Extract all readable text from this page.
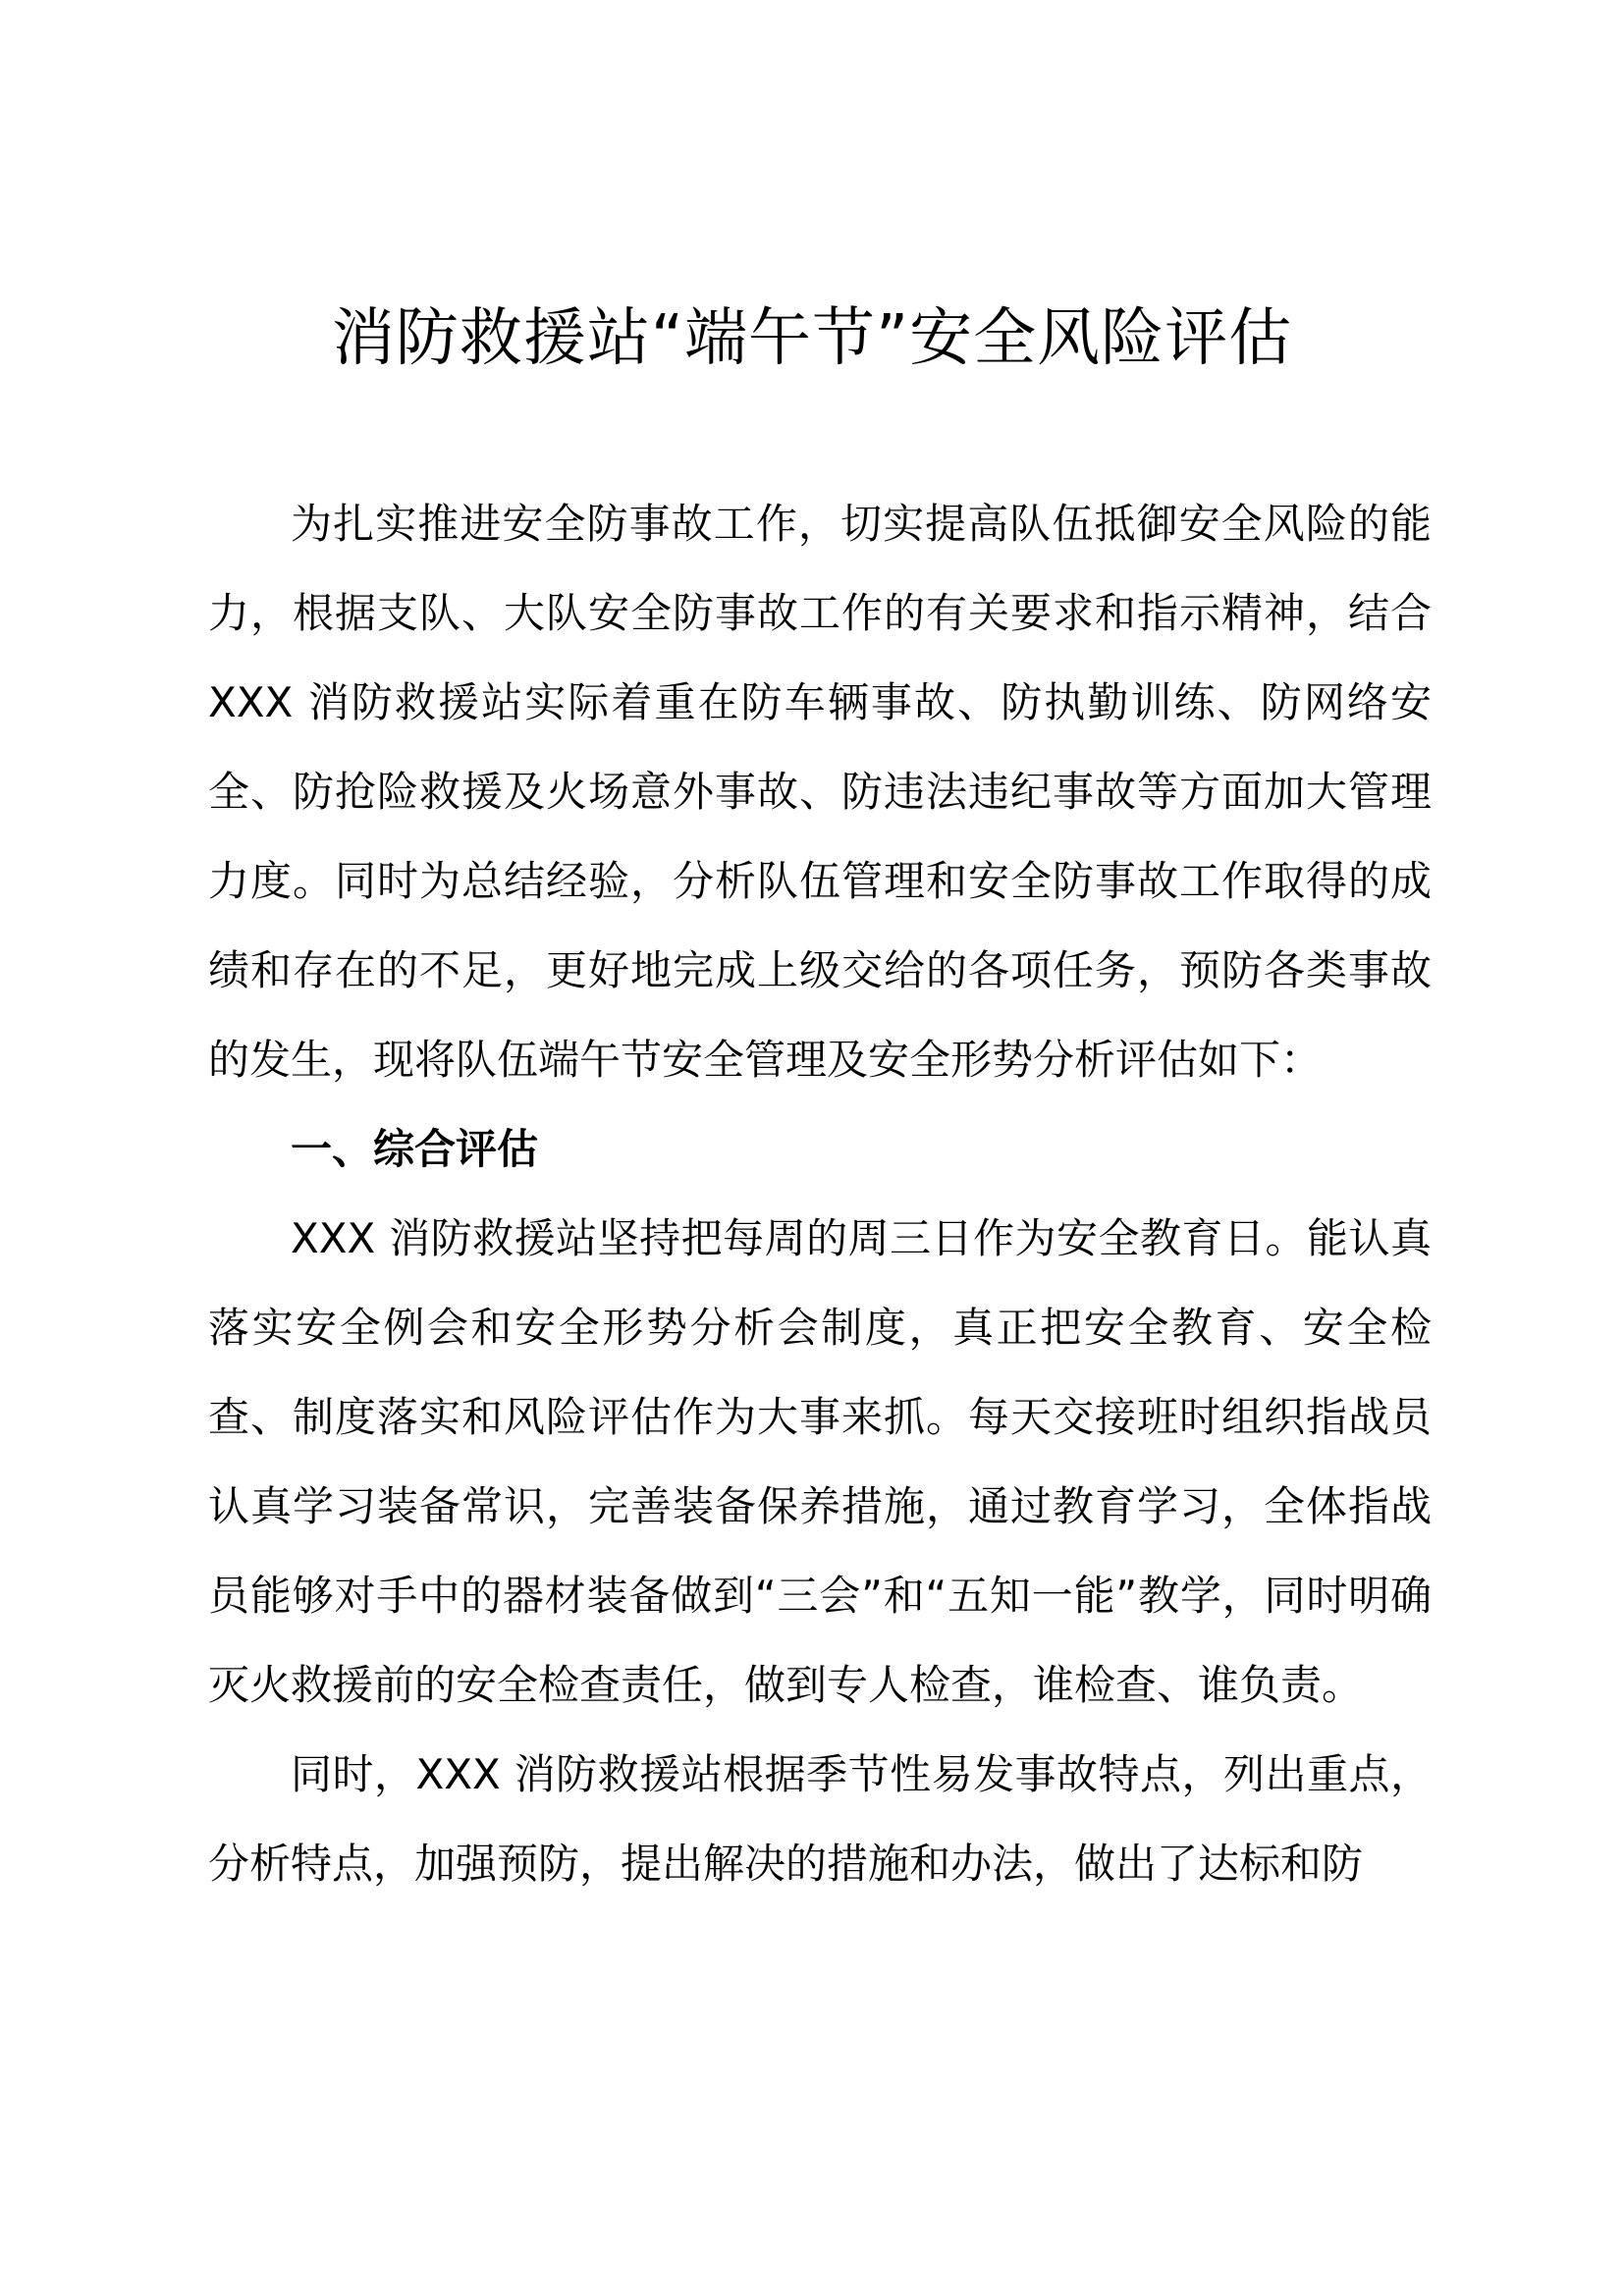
消防救援站“端午节”安全风险评估

为扎实推进安全防事故工作，切实提高队伍抵御安全风险的能力，根据支队、大队安全防事故工作的有关要求和指示精神，结合 XXX 消防救援站实际着重在防车辆事故、防执勤训练、防网络安全、防抢险救援及火场意外事故、防违法违纪事故等方面加大管理力度。同时为总结经验，分析队伍管理和安全防事故工作取得的成绩和存在的不足，更好地完成上级交给的各项任务，预防各类事故的发生，现将队伍端午节安全管理及安全形势分析评估如下：

一、综合评估

XXX 消防救援站坚持把每周的周三日作为安全教育日。能认真落实安全例会和安全形势分析会制度，真正把安全教育、安全检查、制度落实和风险评估作为大事来抓。每天交接班时组织指战员认真学习装备常识，完善装备保养措施，通过教育学习，全体指战员能够对手中的器材装备做到“三会”和“五知一能”教学，同时明确灭火救援前的安全检查责任，做到专人检查，谁检查、谁负责。

同时，XXX 消防救援站根据季节性易发事故特点，列出重点，分析特点，加强预防，提出解决的措施和办法，做出了达标和防
